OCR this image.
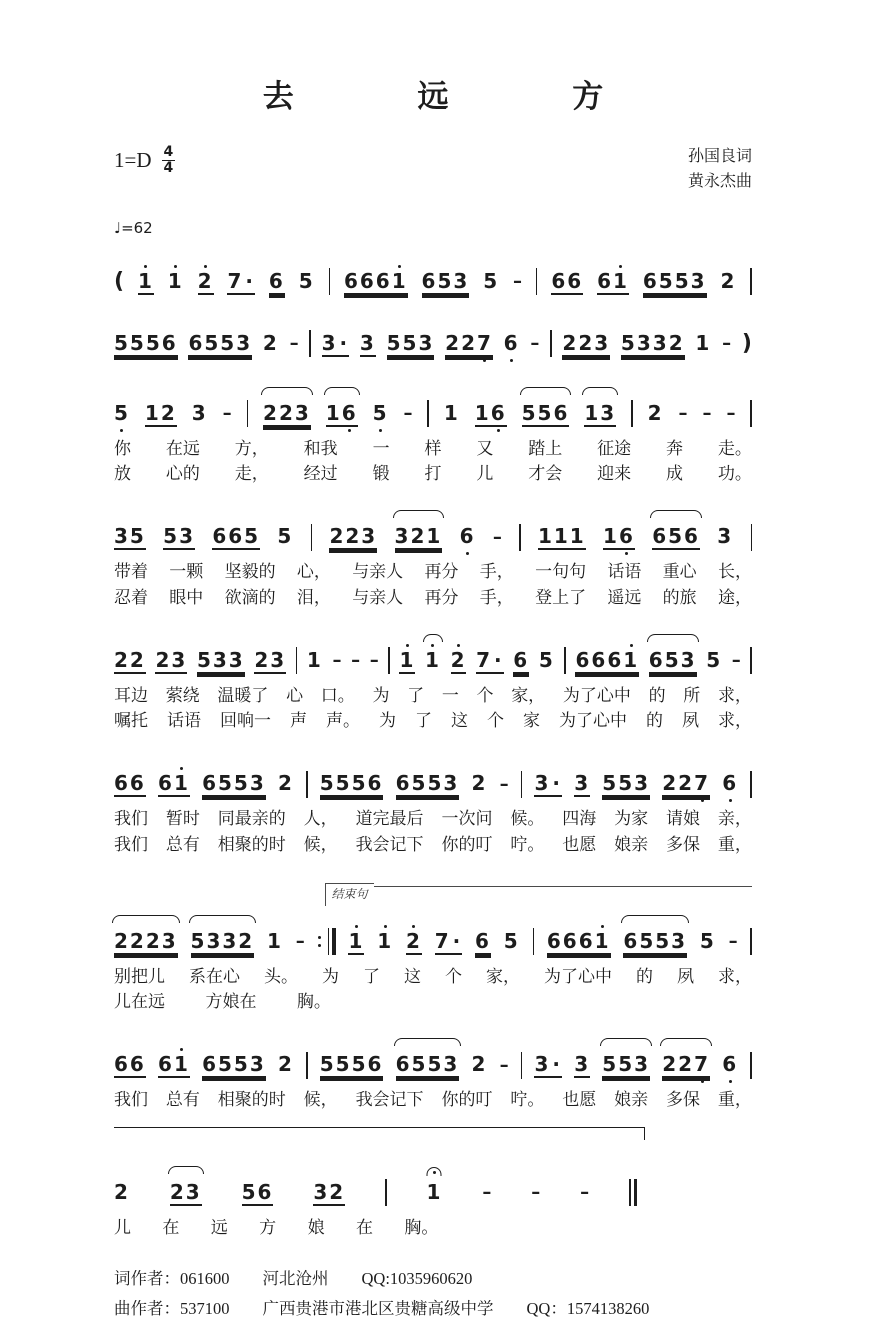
去 远 方
$1=D \frac{4}{4}$	孙国良词
黄永杰曲
♩=62
( 1 1 2 7 · 6 5 6661 653 5 – 66 61 6553 2
5556 6553 2 – 3 · 3 553 227 6 – 223 5332 1 – )
5 12 3 – 223 16 5 – 1 16 556 13 2 – – –
你 在远 方， 和我 一 样 又 踏上 征途 奔 走。
放 心的 走， 经过 锻 打 儿 才会 迎来 成 功。
35 53 665 5 223 321 6 – 111 16 656 3
带着 一颗 坚毅的 心， 与亲人 再分 手， 一句句 话语 重心 长，
忍着 眼中 欲滴的 泪， 与亲人 再分 手， 登上了 遥远 的旅 途，
22 23 533 23 1 – – – 1 1 2 7 · 6 5 6661 653 5 –
耳边 萦绕 温暖了 心 口。 为 了 一 个 家， 为了心中 的 所 求，
嘱托 话语 回响一 声 声。 为 了 这 个 家 为了心中 的 夙 求，
66 61 6553 2 5556 6553 2 – 3 · 3 553 227 6
我们 暂时 同最亲的 人， 道完最后 一次问 候。 四海 为家 请娘 亲，
我们 总有 相聚的时 候， 我会记下 你的叮 咛。 也愿 娘亲 多保 重，
结束句
2223 5332 1 – 1 1 2 7 · 6 5 6661 6553 5 –
别把儿 系在心 头。 为 了 这 个 家， 为了心中 的 夙 求，
儿在远 方娘在 胸。
66 61 6553 2 5556 6553 2 – 3 · 3 553 227 6
我们 总有 相聚的时 候， 我会记下 你的叮 咛。 也愿 娘亲 多保 重，
2 23 56 32	1 – – –
儿 在 远 方 娘 在 胸。
词作者：061600　　河北沧州　　QQ:1035960620
曲作者：537100　　广西贵港市港北区贵糖高级中学　　QQ：1574138260
